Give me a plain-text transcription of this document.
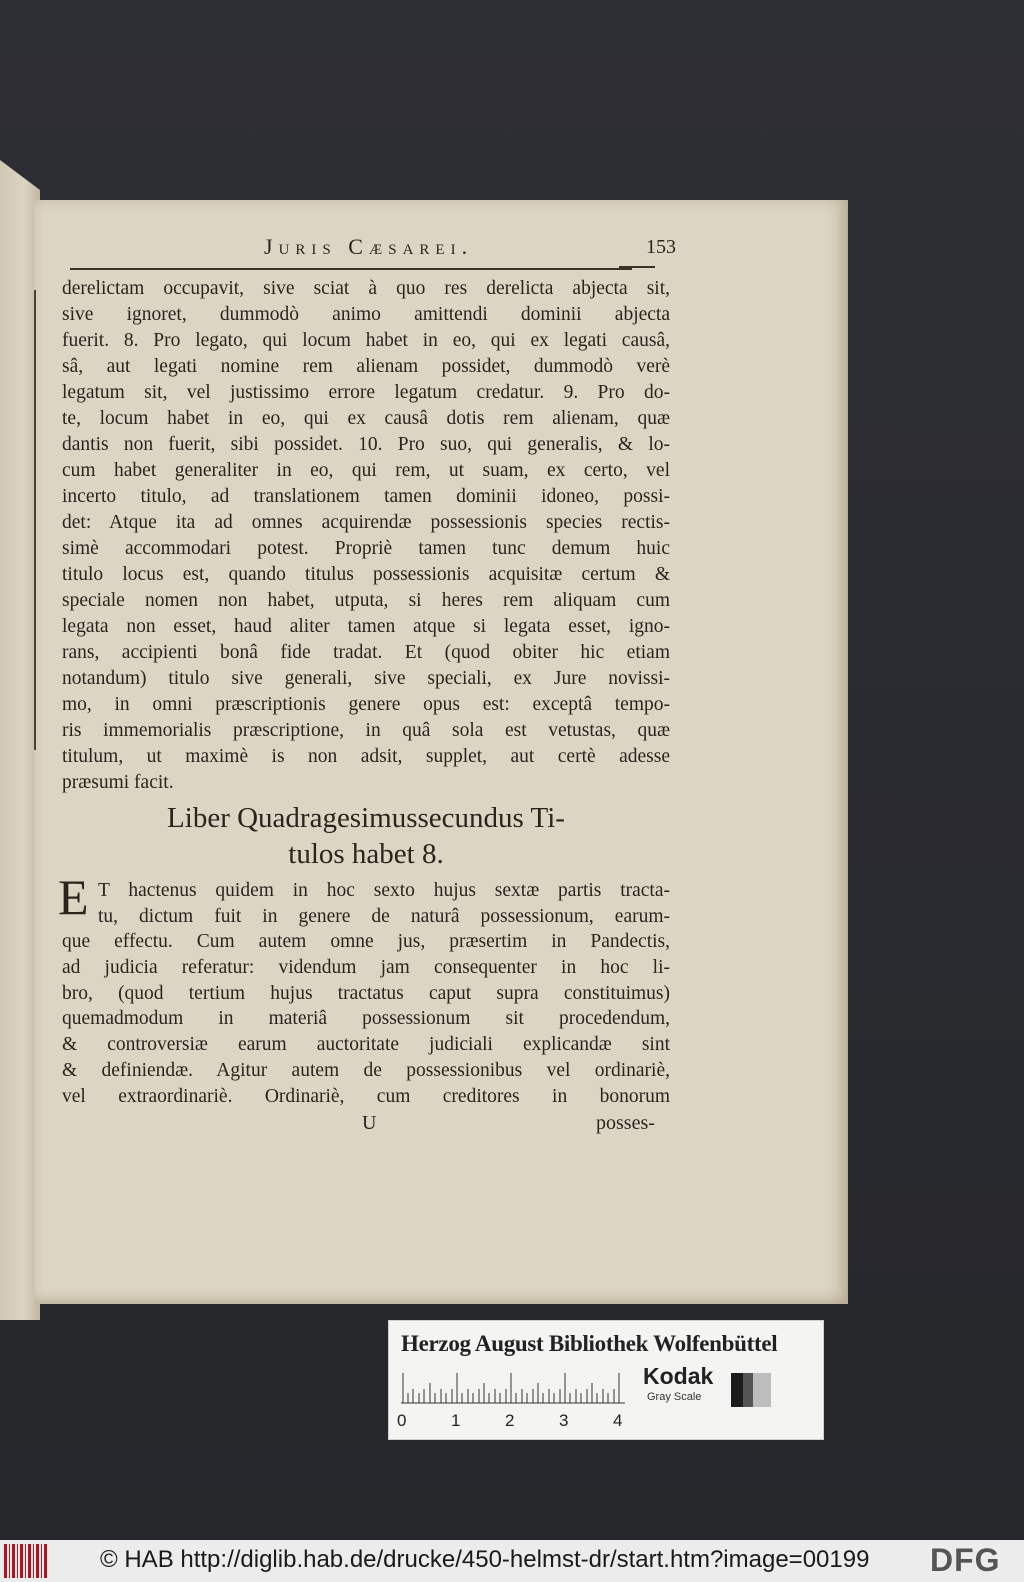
Juris Cæsarei.	153
derelictam occupavit, sive sciat à quo res derelicta abjecta sit,
sive ignoret, dummodò animo amittendi dominii abjecta
fuerit. 8. Pro legato, qui locum habet in eo, qui ex legati causâ,
sâ, aut legati nomine rem alienam possidet, dummodò verè
legatum sit, vel justissimo errore legatum credatur. 9. Pro do-
te, locum habet in eo, qui ex causâ dotis rem alienam, quæ
dantis non fuerit, sibi possidet. 10. Pro suo, qui generalis, & lo-
cum habet generaliter in eo, qui rem, ut suam, ex certo, vel
incerto titulo, ad translationem tamen dominii idoneo, possi-
det: Atque ita ad omnes acquirendæ possessionis species rectis-
simè accommodari potest. Propriè tamen tunc demum huic
titulo locus est, quando titulus possessionis acquisitæ certum &
speciale nomen non habet, utputa, si heres rem aliquam cum
legata non esset, haud aliter tamen atque si legata esset, igno-
rans, accipienti bonâ fide tradat. Et (quod obiter hic etiam
notandum) titulo sive generali, sive speciali, ex Jure novissi-
mo, in omni præscriptionis genere opus est: exceptâ tempo-
ris immemorialis præscriptione, in quâ sola est vetustas, quæ
titulum, ut maximè is non adsit, supplet, aut certè adesse
præsumi facit.
Liber Quadragesimussecundus Ti-
tulos habet 8.
E T hactenus quidem in hoc sexto hujus sextæ partis tracta-
tu, dictum fuit in genere de naturâ possessionum, earum-
que effectu. Cum autem omne jus, præsertim in Pandectis,
ad judicia referatur: videndum jam consequenter in hoc li-
bro, (quod tertium hujus tractatus caput supra constituimus)
quemadmodum in materiâ possessionum sit procedendum,
& controversiæ earum auctoritate judiciali explicandæ sint
& definiendæ. Agitur autem de possessionibus vel ordinariè,
vel extraordinariè. Ordinariè, cum creditores in bonorum
U	posses-
Herzog August Bibliothek Wolfenbüttel
0	1	2	3	4
Kodak
Gray Scale
© HAB http://diglib.hab.de/drucke/450-helmst-dr/start.htm?image=00199 DFG
